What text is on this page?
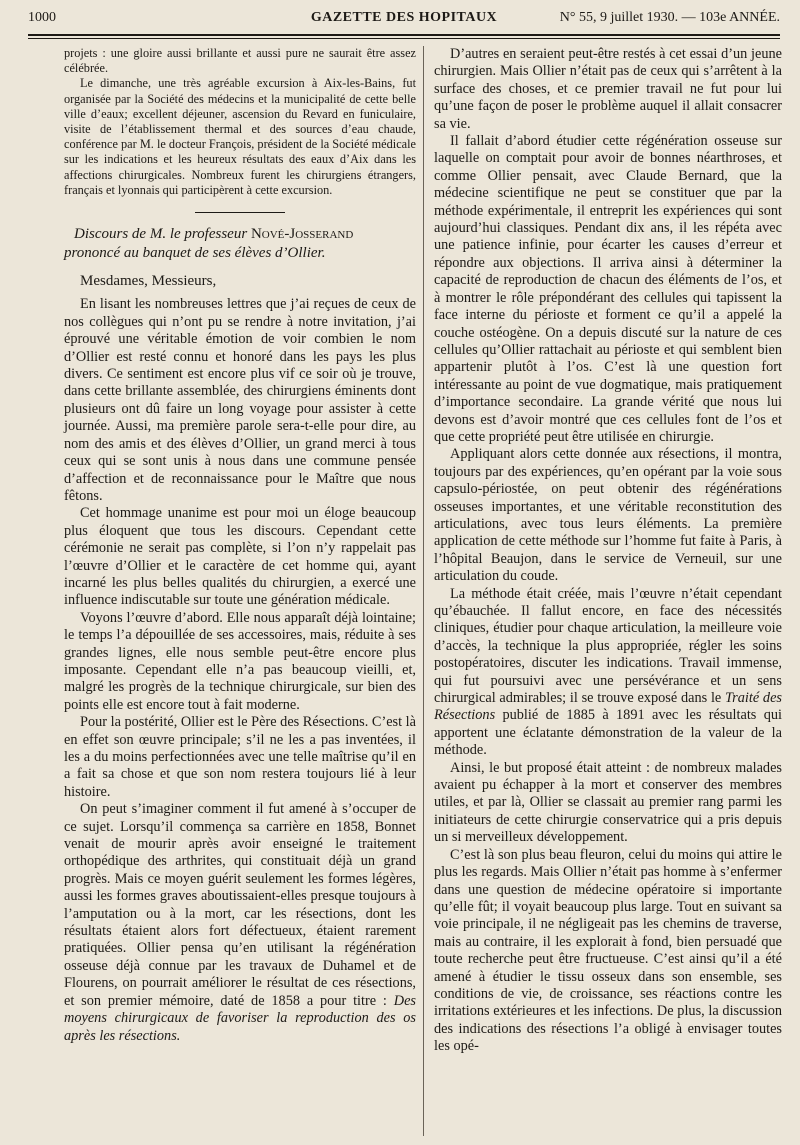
1000	GAZETTE DES HOPITAUX	N° 55, 9 juillet 1930. — 103e ANNÉE.

projets : une gloire aussi brillante et aussi pure ne saurait être assez célébrée.

Le dimanche, une très agréable excursion à Aix-les-Bains, fut organisée par la Société des médecins et la municipalité de cette belle ville d’eaux; excellent déjeuner, ascension du Revard en funiculaire, visite de l’établissement thermal et des sources d’eau chaude, conférence par M. le docteur François, président de la Société médicale sur les indications et les heureux résultats des eaux d’Aix dans les affections chirurgicales. Nombreux furent les chirurgiens étrangers, français et lyonnais qui participèrent à cette excursion.

Discours de M. le professeur Nové-Josserand
prononcé au banquet de ses élèves d’Ollier.

Mesdames, Messieurs,

En lisant les nombreuses lettres que j’ai reçues de ceux de nos collègues qui n’ont pu se rendre à notre invitation, j’ai éprouvé une véritable émotion de voir combien le nom d’Ollier est resté connu et honoré dans les pays les plus divers. Ce sentiment est encore plus vif ce soir où je trouve, dans cette brillante assemblée, des chirurgiens éminents dont plusieurs ont dû faire un long voyage pour assister à cette journée. Aussi, ma première parole sera-t-elle pour dire, au nom des amis et des élèves d’Ollier, un grand merci à tous ceux qui se sont unis à nous dans une commune pensée d’affection et de reconnaissance pour le Maître que nous fêtons.

Cet hommage unanime est pour moi un éloge beaucoup plus éloquent que tous les discours. Cependant cette cérémonie ne serait pas complète, si l’on n’y rappelait pas l’œuvre d’Ollier et le caractère de cet homme qui, ayant incarné les plus belles qualités du chirurgien, a exercé une influence indiscutable sur toute une génération médicale.

Voyons l’œuvre d’abord. Elle nous apparaît déjà lointaine; le temps l’a dépouillée de ses accessoires, mais, réduite à ses grandes lignes, elle nous semble peut-être encore plus imposante. Cependant elle n’a pas beaucoup vieilli, et, malgré les progrès de la technique chirurgicale, sur bien des points elle est encore tout à fait moderne.

Pour la postérité, Ollier est le Père des Résections. C’est là en effet son œuvre principale; s’il ne les a pas inventées, il les a du moins perfectionnées avec une telle maîtrise qu’il en a fait sa chose et que son nom restera toujours lié à leur histoire.

On peut s’imaginer comment il fut amené à s’occuper de ce sujet. Lorsqu’il commença sa carrière en 1858, Bonnet venait de mourir après avoir enseigné le traitement orthopédique des arthrites, qui constituait déjà un grand progrès. Mais ce moyen guérit seulement les formes légères, aussi les formes graves aboutissaient-elles presque toujours à l’amputation ou à la mort, car les résections, dont les résultats étaient alors fort défectueux, étaient rarement pratiquées. Ollier pensa qu’en utilisant la régénération osseuse déjà connue par les travaux de Duhamel et de Flourens, on pourrait améliorer le résultat de ces résections, et son premier mémoire, daté de 1858 a pour titre : Des moyens chirurgicaux de favoriser la reproduction des os après les résections.

D’autres en seraient peut-être restés à cet essai d’un jeune chirurgien. Mais Ollier n’était pas de ceux qui s’arrêtent à la surface des choses, et ce premier travail ne fut pour lui qu’une façon de poser le problème auquel il allait consacrer sa vie.

Il fallait d’abord étudier cette régénération osseuse sur laquelle on comptait pour avoir de bonnes néarthroses, et comme Ollier pensait, avec Claude Bernard, que la médecine scientifique ne peut se constituer que par la méthode expérimentale, il entreprit les expériences qui sont aujourd’hui classiques. Pendant dix ans, il les répéta avec une patience infinie, pour écarter les causes d’erreur et répondre aux objections. Il arriva ainsi à déterminer la capacité de reproduction de chacun des éléments de l’os, et à montrer le rôle prépondérant des cellules qui tapissent la face interne du périoste et forment ce qu’il a appelé la couche ostéogène. On a depuis discuté sur la nature de ces cellules qu’Ollier rattachait au périoste et qui semblent bien appartenir plutôt à l’os. C’est là une question fort intéressante au point de vue dogmatique, mais pratiquement d’importance secondaire. La grande vérité que nous lui devons est d’avoir montré que ces cellules font de l’os et que cette propriété peut être utilisée en chirurgie.

Appliquant alors cette donnée aux résections, il montra, toujours par des expériences, qu’en opérant par la voie sous capsulo-périostée, on peut obtenir des régénérations osseuses importantes, et une véritable reconstitution des articulations, avec tous leurs éléments. La première application de cette méthode sur l’homme fut faite à Paris, à l’hôpital Beaujon, dans le service de Verneuil, sur une articulation du coude.

La méthode était créée, mais l’œuvre n’était cependant qu’ébauchée. Il fallut encore, en face des nécessités cliniques, étudier pour chaque articulation, la meilleure voie d’accès, la technique la plus appropriée, régler les soins postopératoires, discuter les indications. Travail immense, qui fut poursuivi avec une persévérance et un sens chirurgical admirables; il se trouve exposé dans le Traité des Résections publié de 1885 à 1891 avec les résultats qui apportent une éclatante démonstration de la valeur de la méthode.

Ainsi, le but proposé était atteint : de nombreux malades avaient pu échapper à la mort et conserver des membres utiles, et par là, Ollier se classait au premier rang parmi les initiateurs de cette chirurgie conservatrice qui a pris depuis un si merveilleux développement.

C’est là son plus beau fleuron, celui du moins qui attire le plus les regards. Mais Ollier n’était pas homme à s’enfermer dans une question de médecine opératoire si importante qu’elle fût; il voyait beaucoup plus large. Tout en suivant sa voie principale, il ne négligeait pas les chemins de traverse, mais au contraire, il les explorait à fond, bien persuadé que toute recherche peut être fructueuse. C’est ainsi qu’il a été amené à étudier le tissu osseux dans son ensemble, ses conditions de vie, de croissance, ses réactions contre les irritations extérieures et les infections. De plus, la discussion des indications des résections l’a obligé à envisager toutes les opé-
